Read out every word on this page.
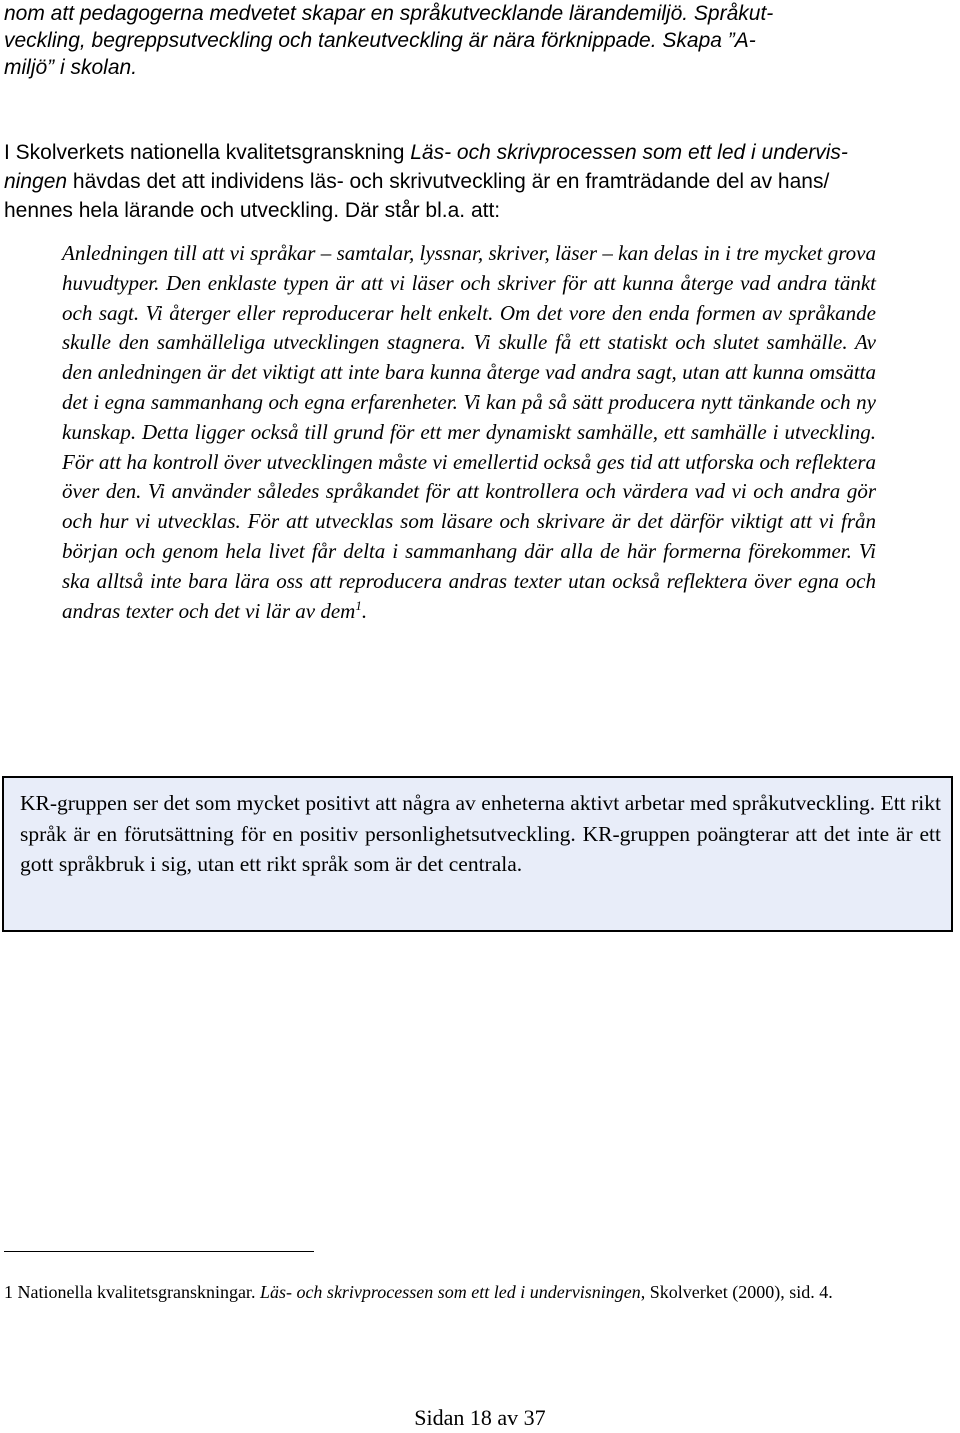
nom att pedagogerna medvetet skapar en språkutvecklande lärandemiljö. Språkut-
veckling, begreppsutveckling och tankeutveckling är nära förknippade. Skapa ”A-
miljö” i skolan.
I Skolverkets nationella kvalitetsgranskning Läs- och skrivprocessen som ett led i undervis-
ningen hävdas det att individens läs- och skrivutveckling är en framträdande del av hans/
hennes hela lärande och utveckling. Där står bl.a. att:
Anledningen till att vi språkar – samtalar, lyssnar, skriver, läser – kan delas in i tre mycket grova huvudtyper. Den enklaste typen är att vi läser och skriver för att kunna återge vad andra tänkt och sagt. Vi återger eller reproducerar helt enkelt. Om det vore den enda formen av språkande skulle den samhälleliga utvecklingen stagnera. Vi skulle få ett statiskt och slutet samhälle. Av den anledningen är det viktigt att inte bara kunna återge vad andra sagt, utan att kunna omsätta det i egna sammanhang och egna erfarenheter. Vi kan på så sätt producera nytt tänkande och ny kunskap. Detta ligger också till grund för ett mer dynamiskt samhälle, ett samhälle i utveckling. För att ha kontroll över utvecklingen måste vi emellertid också ges tid att utforska och reflektera över den. Vi använder således språkandet för att kontrollera och värdera vad vi och andra gör och hur vi utvecklas. För att utvecklas som läsare och skrivare är det därför viktigt att vi från början och genom hela livet får delta i sammanhang där alla de här formerna förekommer. Vi ska alltså inte bara lära oss att reproducera andras texter utan också reflektera över egna och andras texter och det vi lär av dem$^1$.
KR-gruppen ser det som mycket positivt att några av enheterna aktivt arbetar med språkutveckling. Ett rikt språk är en förutsättning för en positiv personlighetsutveckling. KR-gruppen poängterar att det inte är ett gott språkbruk i sig, utan ett rikt språk som är det centrala.
1 Nationella kvalitetsgranskningar. Läs- och skrivprocessen som ett led i undervisningen, Skolverket (2000), sid. 4.
Sidan 18 av 37
